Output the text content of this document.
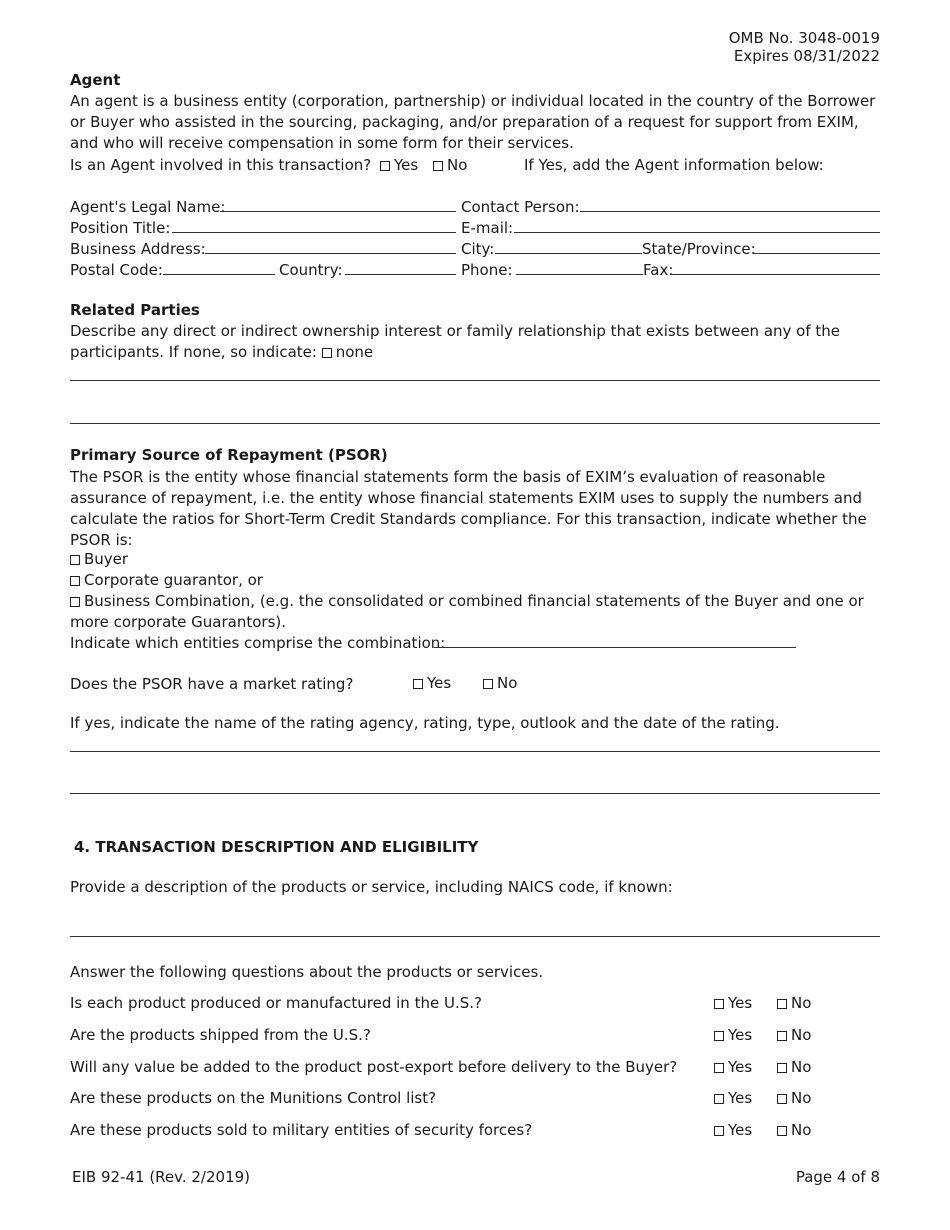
OMB No. 3048-0019
Expires 08/31/2022
Agent
An agent is a business entity (corporation, partnership) or individual located in the country of the Borrower or Buyer who assisted in the sourcing, packaging, and/or preparation of a request for support from EXIM, and who will receive compensation in some form for their services.
Is an Agent involved in this transaction? Yes No	If Yes, add the Agent information below:
Agent's Legal Name:	Contact Person:
Position Title:	E-mail:
Business Address:	City:	State/Province:
Postal Code:	Country:	Phone:	Fax:
Related Parties
Describe any direct or indirect ownership interest or family relationship that exists between any of the participants. If none, so indicate: none
Primary Source of Repayment (PSOR)
The PSOR is the entity whose financial statements form the basis of EXIM’s evaluation of reasonable assurance of repayment, i.e. the entity whose financial statements EXIM uses to supply the numbers and calculate the ratios for Short-Term Credit Standards compliance. For this transaction, indicate whether the PSOR is:
Buyer
Corporate guarantor, or
Business Combination, (e.g. the consolidated or combined financial statements of the Buyer and one or more corporate Guarantors).
Indicate which entities comprise the combination:
Does the PSOR have a market rating?	Yes	No
If yes, indicate the name of the rating agency, rating, type, outlook and the date of the rating.
4. TRANSACTION DESCRIPTION AND ELIGIBILITY
Provide a description of the products or service, including NAICS code, if known:
Answer the following questions about the products or services.
Is each product produced or manufactured in the U.S.?	Yes	No
Are the products shipped from the U.S.?	Yes	No
Will any value be added to the product post-export before delivery to the Buyer?	Yes	No
Are these products on the Munitions Control list?	Yes	No
Are these products sold to military entities of security forces?	Yes	No
EIB 92-41 (Rev. 2/2019)	Page 4 of 8
